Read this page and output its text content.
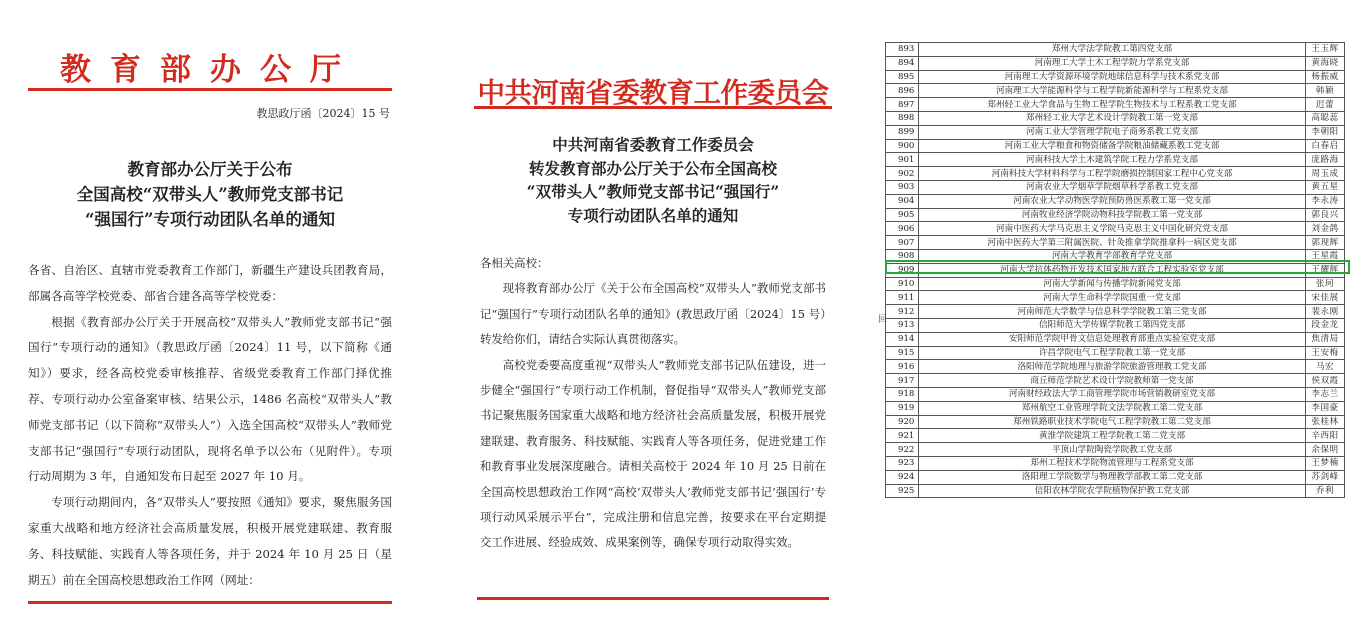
教育部办公厅
教思政厅函〔2024〕15 号
教育部办公厅关于公布
全国高校“双带头人”教师党支部书记
“强国行”专项行动团队名单的通知

各省、自治区、直辖市党委教育工作部门，新疆生产建设兵团教育局，部属各高等学校党委、部省合建各高等学校党委：

根据《教育部办公厅关于开展高校“双带头人”教师党支部书记“强国行”专项行动的通知》（教思政厅函〔2024〕11 号，以下简称《通知》）要求，经各高校党委审核推荐、省级党委教育工作部门择优推荐、专项行动办公室备案审核、结果公示，1486 名高校“双带头人”教师党支部书记（以下简称“双带头人”）入选全国高校“双带头人”教师党支部书记“强国行”专项行动团队，现将名单予以公布（见附件）。专项行动周期为 3 年，自通知发布日起至 2027 年 10 月。

专项行动期间内，各“双带头人”要按照《通知》要求，聚焦服务国家重大战略和地方经济社会高质量发展，积极开展党建联建、教育服务、科技赋能、实践育人等各项任务，并于 2024 年 10 月 25 日（星期五）前在全国高校思想政治工作网（网址：

中共河南省委教育工作委员会
中共河南省委教育工作委员会
转发教育部办公厅关于公布全国高校
“双带头人”教师党支部书记“强国行”
专项行动团队名单的通知

各相关高校：

现将教育部办公厅《关于公布全国高校“双带头人”教师党支部书记“强国行”专项行动团队名单的通知》(教思政厅函〔2024〕15 号）转发给你们，请结合实际认真贯彻落实。

高校党委要高度重视“双带头人”教师党支部书记队伍建设，进一步健全“强国行”专项行动工作机制，督促指导“双带头人”教师党支部书记聚焦服务国家重大战略和地方经济社会高质量发展，积极开展党建联建、教育服务、科技赋能、实践育人等各项任务，促进党建工作和教育事业发展深度融合。请相关高校于 2024 年 10 月 25 日前在全国高校思想政治工作网“高校‘双带头人’教师党支部书记‘强国行’专项行动风采展示平台”，完成注册和信息完善，按要求在平台定期提交工作进展、经验成效、成果案例等，确保专项行动取得实效。

893	郑州大学法学院教工第四党支部	王玉辉
894	河南理工大学土木工程学院力学系党支部	黄海晓
895	河南理工大学资源环境学院地球信息科学与技术系党支部	杨振威
896	河南理工大学能源科学与工程学院新能源科学与工程系党支部	韩颖
897	郑州轻工业大学食品与生物工程学院生物技术与工程系教工党支部	迟蕾
898	郑州轻工业大学艺术设计学院教工第一党支部	高聪蕊
899	河南工业大学管理学院电子商务系教工党支部	李朝阳
900	河南工业大学粮食和物资储备学院粮油储藏系教工党支部	白春启
901	河南科技大学土木建筑学院工程力学系党支部	庞路海
902	河南科技大学材料科学与工程学院磨损控制国家工程中心党支部	周玉成
903	河南农业大学烟草学院烟草科学系教工党支部	黄五星
904	河南农业大学动物医学院预防兽医系教工第一党支部	李永涛
905	河南牧业经济学院动物科技学院教工第一党支部	郭良兴
906	河南中医药大学马克思主义学院马克思主义中国化研究党支部	刘金鸽
907	河南中医药大学第三附属医院、针灸推拿学院推拿科一病区党支部	郭现辉
908	河南大学教育学部教育学党支部	王星霞
909	河南大学抗体药物开发技术国家地方联合工程实验室党支部	王耀辉
910	河南大学新闻与传播学院新闻党支部	张珂
911	河南大学生命科学学院国重一党支部	宋佳展
912	河南师范大学数学与信息科学学院教工第三党支部	裴永刚
913	信阳师范大学传媒学院教工第四党支部	段金龙
914	安阳师范学院甲骨文信息处理教育部重点实验室党支部	焦清局
915	许昌学院电气工程学院教工第一党支部	王安梅
916	洛阳师范学院地理与旅游学院旅游管理教工党支部	马宏
917	商丘师范学院艺术设计学院教师第一党支部	侯双霞
918	河南财经政法大学工商管理学院市场营销教研室党支部	李志兰
919	郑州航空工业管理学院文法学院教工第二党支部	李国豪
920	郑州铁路职业技术学院电气工程学院教工第二党支部	张桂林
921	黄淮学院建筑工程学院教工第二党支部	辛西阳
922	平顶山学院陶瓷学院教工党支部	余保明
923	郑州工程技术学院物流管理与工程系党支部	王梦楠
924	洛阳理工学院数学与物理教学部教工第二党支部	苏剑峰
925	信阳农林学院农学院植物保护教工党支部	乔利
回
